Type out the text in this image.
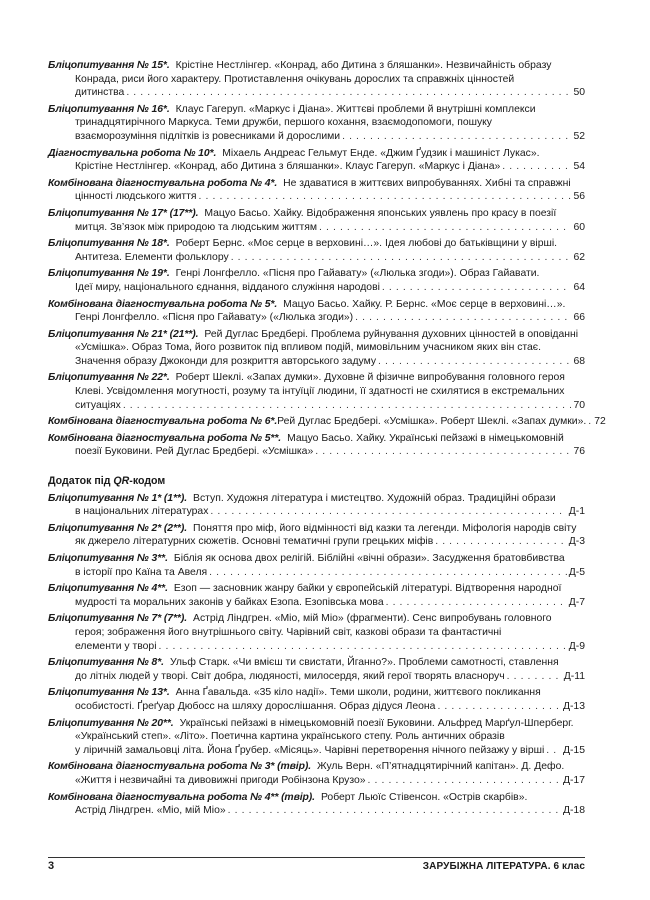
Бліцопитування № 15*. Крістіне Нестлінгер. «Конрад, або Дитина з бляшанки». Незвичайність образу
Конрада, риси його характеру. Протиставлення очікувань дорослих та справжніх цінностей
дитинства . . .	50
Бліцопитування № 16*. Клаус Гагеруп. «Маркус і Діана». Життєві проблеми й внутрішні комплекси
тринадцятирічного Маркуса. Теми дружби, першого кохання, взаємодопомоги, пошуку
взаєморозуміння підлітків із ровесниками й дорослими . . .	52
Діагностувальна робота № 10*. Міхаель Андреас Гельмут Енде. «Джим Ґудзик і машиніст Лукас».
Крістіне Нестлінгер. «Конрад, або Дитина з бляшанки». Клаус Гагеруп. «Маркус і Діана» . . .	54
Комбінована діагностувальна робота № 4*. Не здаватися в життєвих випробуваннях. Хибні та справжні
цінності людського життя . . .	56
Бліцопитування № 17* (17**). Мацуо Басьо. Хайку. Відображення японських уявлень про красу в поезії
митця. Зв’язок між природою та людським життям . . .	60
Бліцопитування № 18*. Роберт Бернс. «Моє серце в верховині…». Ідея любові до батьківщини у вірші.
Антитеза. Елементи фольклору . . .	62
Бліцопитування № 19*. Генрі Лонгфелло. «Пісня про Гайавату» («Люлька згоди»). Образ Гайавати.
Ідеї миру, національного єднання, відданого служіння народові . . .	64
Комбінована діагностувальна робота № 5*. Мацуо Басьо. Хайку. Р. Бернс. «Моє серце в верховині…».
Генрі Лонгфелло. «Пісня про Гайавату» («Люлька згоди») . . .	66
Бліцопитування № 21* (21**). Рей Дуглас Бредбері. Проблема руйнування духовних цінностей в оповіданні
«Усмішка». Образ Тома, його розвиток під впливом подій, мимовільним учасником яких він стає.
Значення образу Джоконди для розкриття авторського задуму . . .	68
Бліцопитування № 22*. Роберт Шеклі. «Запах думки». Духовне й фізичне випробування головного героя
Клеві. Усвідомлення могутності, розуму та інтуїції людини, її здатності не схилятися в екстремальних
ситуаціях . . .	70
Комбінована діагностувальна робота № 6*. Рей Дуглас Бредбері. «Усмішка». Роберт Шеклі. «Запах думки». . . . 72
Комбінована діагностувальна робота № 5**. Мацуо Басьо. Хайку. Українські пейзажі в німецькомовній
поезії Буковини. Рей Дуглас Бредбері. «Усмішка» . . .	76
Додаток під QR-кодом
Бліцопитування № 1* (1**). Вступ. Художня література і мистецтво. Художній образ. Традиційні образи
в національних літературах . . .	Д-1
Бліцопитування № 2* (2**). Поняття про міф, його відмінності від казки та легенди. Міфологія народів світу
як джерело літературних сюжетів. Основні тематичні групи грецьких міфів . . .	Д-3
Бліцопитування № 3**. Біблія як основа двох релігій. Біблійні «вічні образи». Засудження братовбивства
в історії про Каїна та Авеля . . .	Д-5
Бліцопитування № 4**. Езоп — засновник жанру байки у європейській літературі. Відтворення народної
мудрості та моральних законів у байках Езопа. Езопівська мова . . .	Д-7
Бліцопитування № 7* (7**). Астрід Ліндгрен. «Міо, мій Міо» (фрагменти). Сенс випробувань головного
героя; зображення його внутрішнього світу. Чарівний світ, казкові образи та фантастичні
елементи у творі . . .	Д-9
Бліцопитування № 8*. Ульф Старк. «Чи вмієш ти свистати, Йганно?». Проблеми самотності, ставлення
до літніх людей у творі. Світ добра, людяності, милосердя, який герої творять власноруч . . .	Д-11
Бліцопитування № 13*. Анна Ґавальда. «35 кіло надії». Теми школи, родини, життєвого покликання
особистості. Ґреґуар Дюбосс на шляху дорослішання. Образ дідуся Леона . . .	Д-13
Бліцопитування № 20**. Українські пейзажі в німецькомовній поезії Буковини. Альфред Марґул-Шперберг.
«Український степ». «Літо». Поетична картина українського степу. Роль античних образів
у ліричній замальовці літа. Йона Ґрубер. «Місяць». Чарівні перетворення нічного пейзажу у вірші . . . Д-15
Комбінована діагностувальна робота № 3* (твір). Жуль Верн. «П’ятнадцятирічний капітан». Д. Дефо.
«Життя і незвичайні та дивовижні пригоди Робінзона Крузо» . . .	Д-17
Комбінована діагностувальна робота № 4** (твір). Роберт Льюїс Стівенсон. «Острів скарбів».
Астрід Ліндгрен. «Міо, мій Міо» . . .	Д-18
3	ЗАРУБІЖНА ЛІТЕРАТУРА. 6 клас
